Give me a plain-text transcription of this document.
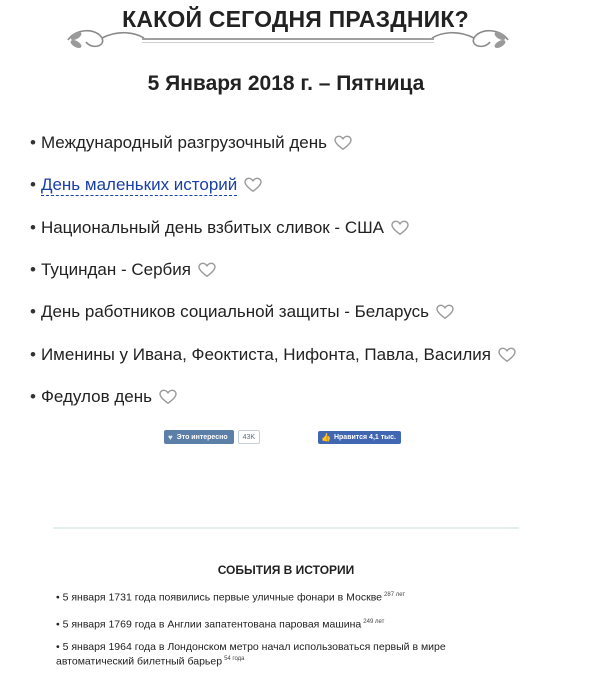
КАКОЙ СЕГОДНЯ ПРАЗДНИК?
5 Января 2018 г. – Пятница
• Международный разгрузочный день
• День маленьких историй
• Национальный день взбитых сливок - США
• Туциндан - Сербия
• День работников социальной защиты - Беларусь
• Именины у Ивана, Феоктиста, Нифонта, Павла, Василия
• Федулов день
♥ Это интересно	43K	👍 Нравится 4,1 тыс.
СОБЫТИЯ В ИСТОРИИ
• 5 января 1731 года появились первые уличные фонари в Москве $^{287 лет}$
• 5 января 1769 года в Англии запатентована паровая машина $^{249 лет}$
• 5 января 1964 года в Лондонском метро начал использоваться первый в мире автоматический билетный барьер $^{54 года}$
